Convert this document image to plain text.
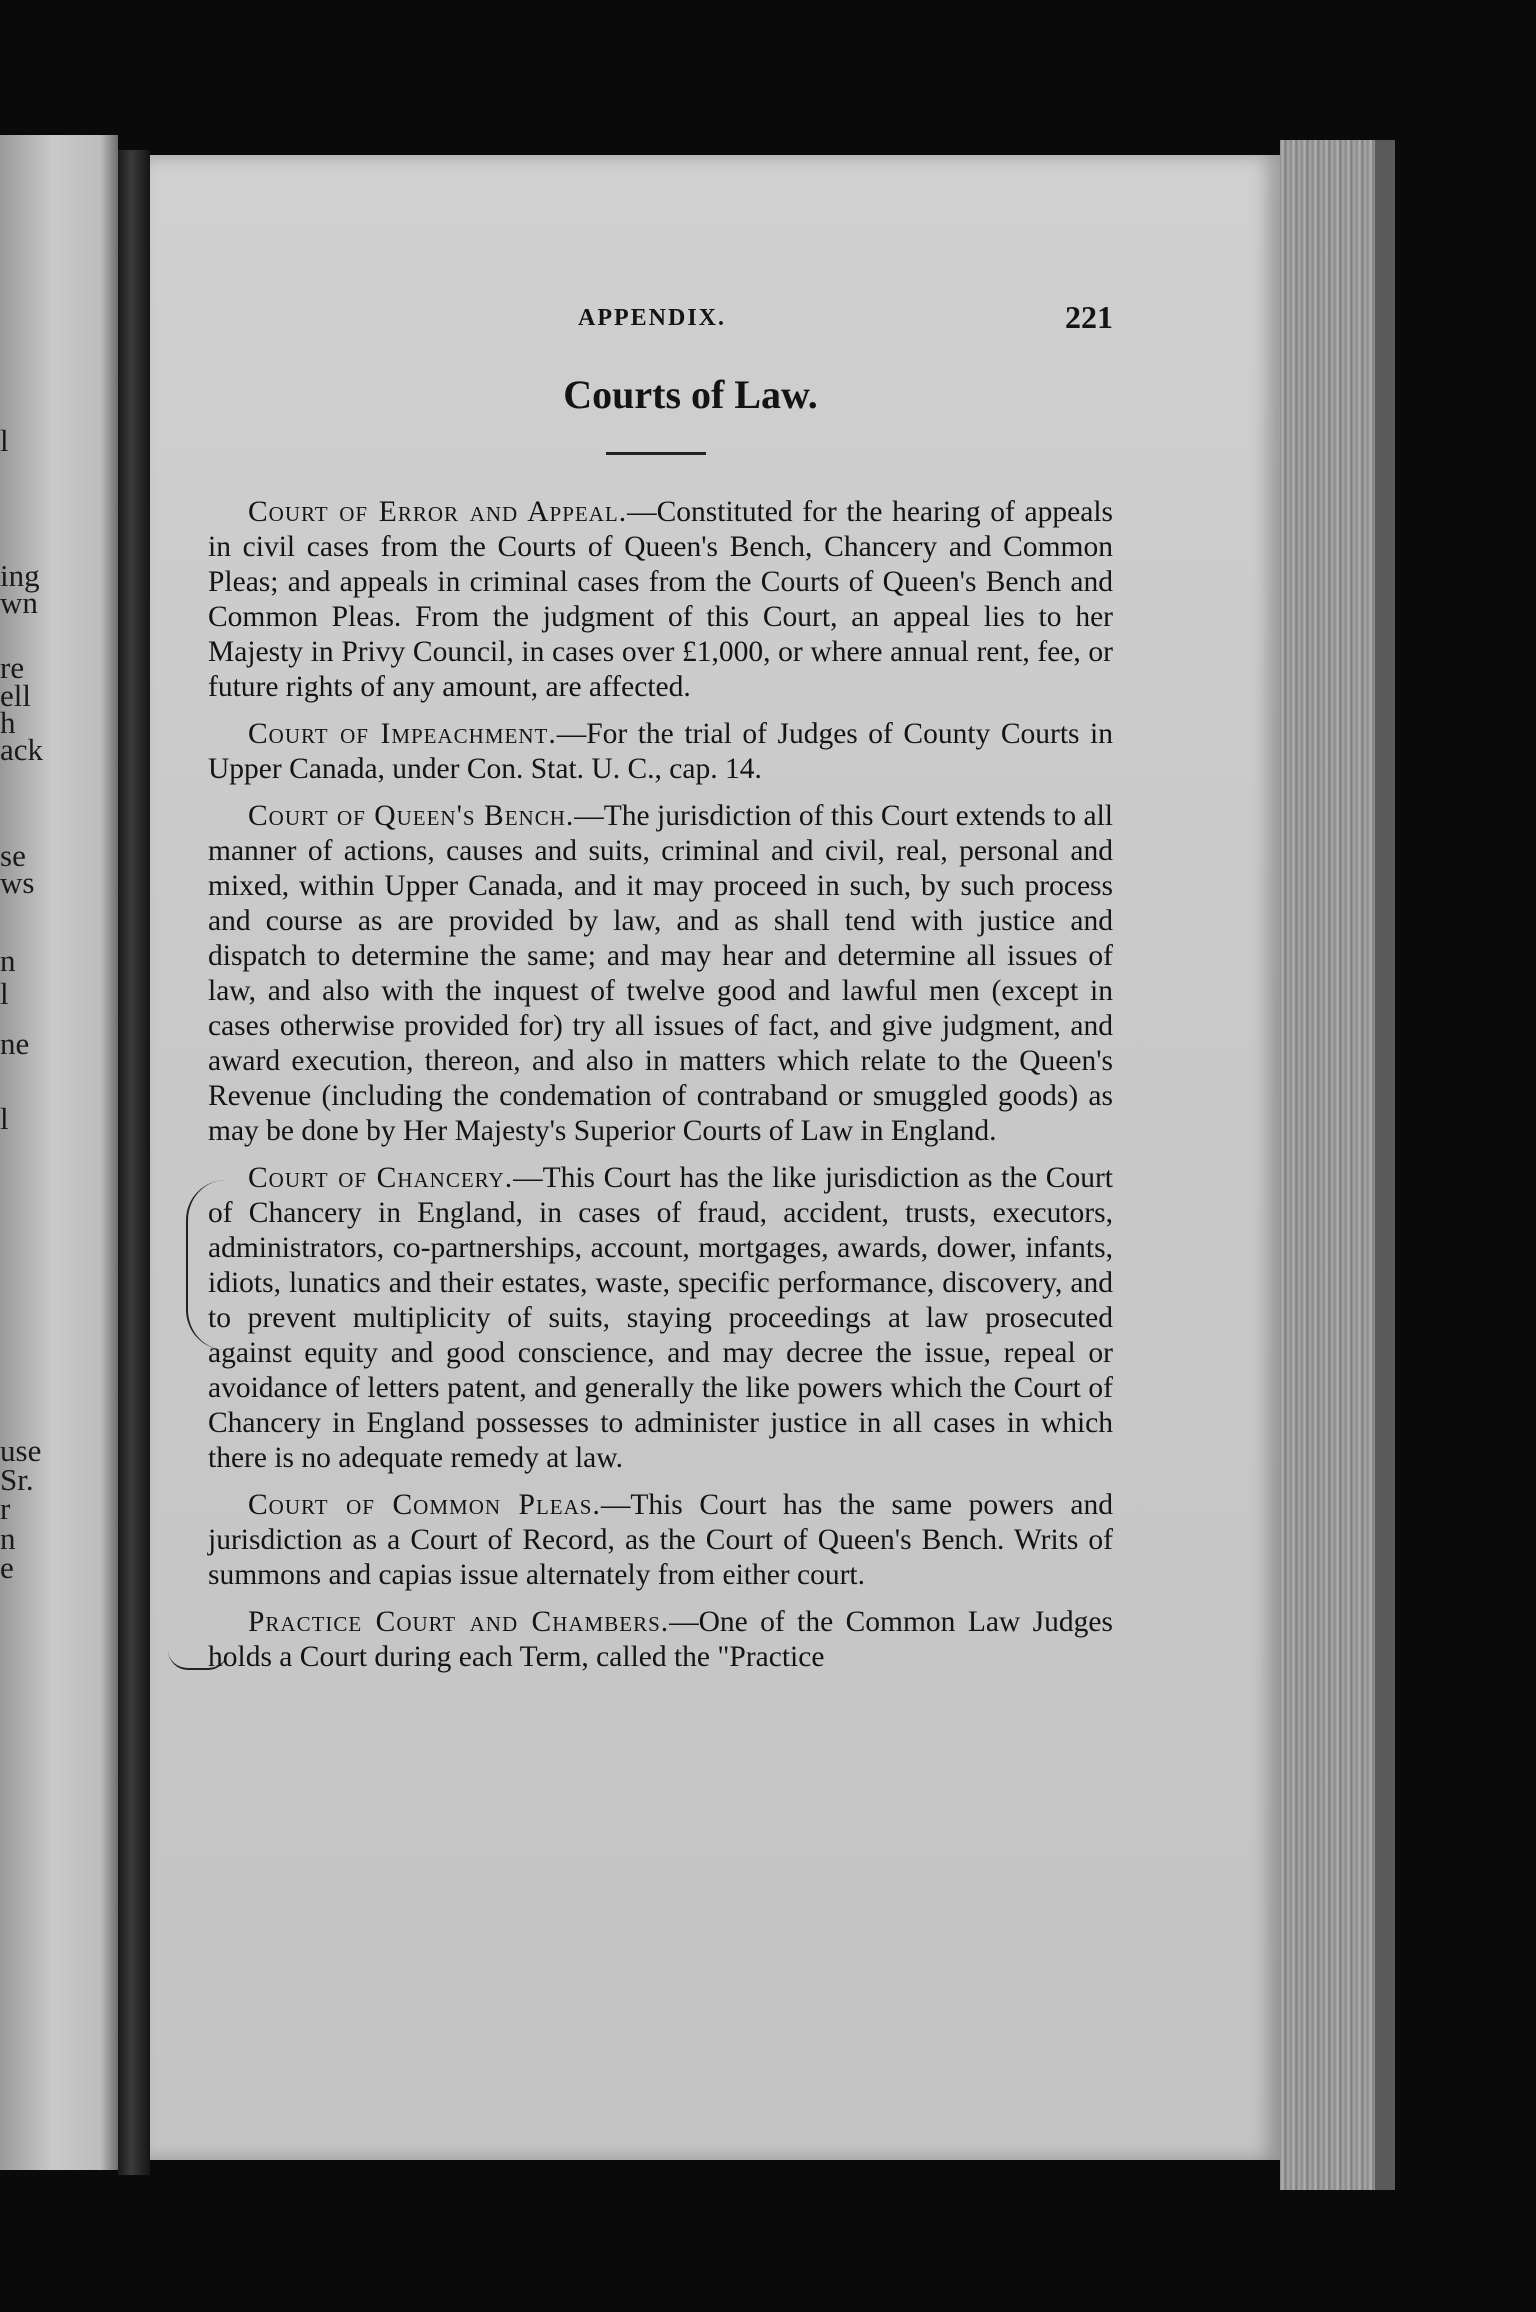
l
ing
wn
re
ell
h
ack
se
ws
n
l
ne
l
use
Sr.
r
n
e
APPENDIX.	221
Courts of Law.

Court of Error and Appeal.—Constituted for the hearing of appeals in civil cases from the Courts of Queen's Bench, Chancery and Common Pleas; and appeals in criminal cases from the Courts of Queen's Bench and Common Pleas. From the judgment of this Court, an appeal lies to her Majesty in Privy Council, in cases over £1,000, or where annual rent, fee, or future rights of any amount, are affected.

Court of Impeachment.—For the trial of Judges of County Courts in Upper Canada, under Con. Stat. U. C., cap. 14.

Court of Queen's Bench.—The jurisdiction of this Court extends to all manner of actions, causes and suits, criminal and civil, real, personal and mixed, within Upper Canada, and it may proceed in such, by such process and course as are provided by law, and as shall tend with justice and dispatch to determine the same; and may hear and determine all issues of law, and also with the inquest of twelve good and lawful men (except in cases otherwise provided for) try all issues of fact, and give judgment, and award execution, thereon, and also in matters which relate to the Queen's Revenue (including the condemation of contraband or smuggled goods) as may be done by Her Majesty's Superior Courts of Law in England.

Court of Chancery.—This Court has the like jurisdiction as the Court of Chancery in England, in cases of fraud, accident, trusts, executors, administrators, co-partnerships, account, mortgages, awards, dower, infants, idiots, lunatics and their estates, waste, specific performance, discovery, and to prevent multiplicity of suits, staying proceedings at law prosecuted against equity and good conscience, and may decree the issue, repeal or avoidance of letters patent, and generally the like powers which the Court of Chancery in England possesses to administer justice in all cases in which there is no adequate remedy at law.

Court of Common Pleas.—This Court has the same powers and jurisdiction as a Court of Record, as the Court of Queen's Bench. Writs of summons and capias issue alternately from either court.

Practice Court and Chambers.—One of the Common Law Judges holds a Court during each Term, called the "Practice
